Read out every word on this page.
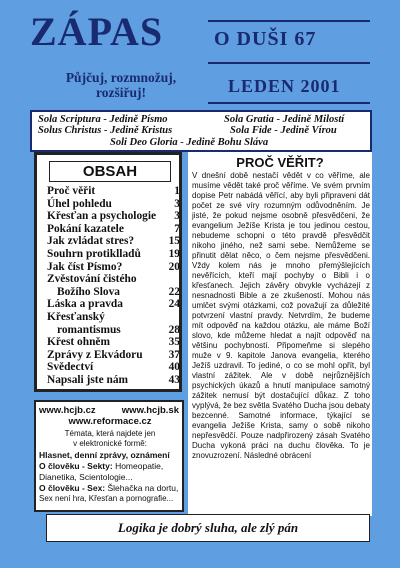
ZÁPAS
Půjčuj, rozmnožuj,
rozšiřuj!
O DUŠI 67
LEDEN 2001
Sola Scriptura - Jedině Písmo	Sola Gratia - Jedině Milostí
Solus Christus - Jedině Kristus	Sola Fide - Jedině Vírou
Soli Deo Gloria - Jedině Bohu Sláva
OBSAH
Proč věřit	1
Úhel pohledu	3
Křesťan a psychologie 3
Pokání kazatele	7
Jak zvládat stres?	15
Souhrn protiklladů 19
Jak číst Písmo?	20
Zvěstování čistého
Božího Slova	22
Láska a pravda	24
Křesťanský
romantismus	28
Křest ohněm	35
Zprávy z Ekvádoru 37
Svědectví	40
Napsali jste nám	43
PROČ VĚŘIT?
V dnešní době nestačí vědět v co věříme, ale musíme vědět také proč věříme. Ve svém prvním dopise Petr nabádá věřící, aby byli připraveni dát počet ze své víry rozumným odůvodněním. Je jisté, že pokud nejsme osobně přesvědčeni, že evangelium Ježíše Krista je tou jedinou cestou, nebudeme schopni o této pravdě přesvědčit nikoho jiného, než sami sebe. Nemůžeme se přinutit dělat něco, o čem nejsme přesvědčeni. Vždy kolem nás je mnoho přemýšlejících nevěřících, kteří mají pochyby o Bibli i o křesťanech. Jejich závěry obvykle vycházejí z nesnadnosti Bible a ze zkušeností. Mohou nás umlčet svými otázkami, což považují za důležité potvrzení vlastní pravdy. Netvrdím, že budeme mít odpověď na každou otázku, ale máme Boží slovo, kde můžeme hledat a najít odpověď na většinu pochybností. Připomeňme si slepého muže v 9. kapitole Janova evangelia, kterého Ježíš uzdravil. To jediné, o co se mohl opřít, byl vlastní zážitek. Ale v době nejrůznějších psychických úkazů a hnutí manipulace samotný zážitek nemusí být dostačující důkaz. Z toho vyplývá, že bez světla Svatého Ducha jsou debaty bezcenné. Samotné informace, týkající se evangelia Ježíše Krista, samy o sobě nikoho nepřesvědčí. Pouze nadpřirozený zásah Svatého Ducha vykoná práci na duchu člověka. To je znovuzrození. Následné obrácení
www.hcjb.cz	www.hcjb.sk
www.reformace.cz
Témata, která najdete jen
v elektronické formě:
Hlasnet, denní zprávy, oznámení
O člověku - Sekty: Homeopatie,
Dianetika, Scientologie...
O člověku - Sex: Šlehačka na dortu,
Sex není hra, Křesťan a pornografie...
Logika je dobrý sluha, ale zlý pán
